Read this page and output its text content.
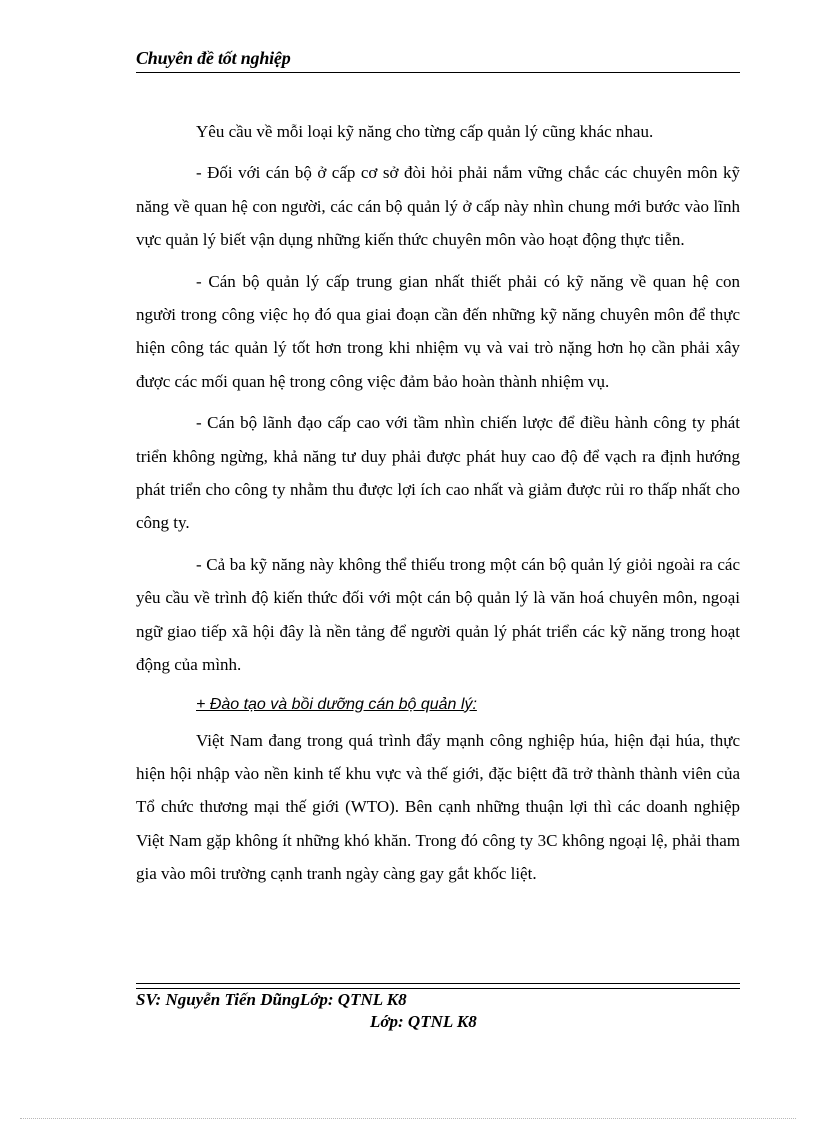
Chuyên đề tốt nghiệp

Yêu cầu về mỗi loại kỹ năng cho từng cấp quản lý cũng khác nhau.

- Đối với cán bộ ở cấp cơ sở đòi hỏi phải nắm vững chắc các chuyên môn kỹ năng về quan hệ con người, các cán bộ quản lý ở cấp này nhìn chung mới bước vào lĩnh vực quản lý biết vận dụng những kiến thức chuyên môn vào hoạt động thực tiễn.

- Cán bộ quản lý cấp trung gian nhất thiết phải có kỹ năng về quan hệ con người trong công việc họ đó qua giai đoạn cần đến những kỹ năng chuyên môn để thực hiện công tác quản lý tốt hơn trong khi nhiệm vụ và vai trò nặng hơn họ cần phải xây được các mối quan hệ trong công việc đảm bảo hoàn thành nhiệm vụ.

- Cán bộ lãnh đạo cấp cao với tầm nhìn chiến lược để điều hành công ty phát triển không ngừng, khả năng tư duy phải được phát huy cao độ để vạch ra định hướng phát triển cho công ty nhằm thu được lợi ích cao nhất và giảm được rủi ro thấp nhất cho công ty.

- Cả ba kỹ năng này không thể thiếu trong một cán bộ quản lý giỏi ngoài ra các yêu cầu về trình độ kiến thức đối với một cán bộ quản lý là văn hoá chuyên môn, ngoại ngữ giao tiếp xã hội đây là nền tảng để người quản lý phát triển các kỹ năng trong hoạt động của mình.

+ Đào tạo và bồi dưỡng cán bộ quản lý:

Việt Nam đang trong quá trình đẩy mạnh công nghiệp húa, hiện đại húa, thực hiện hội nhập vào nền kinh tế khu vực và thế giới, đặc biệtt đã trở thành thành viên của Tổ chức thương mại thế giới (WTO). Bên cạnh những thuận lợi thì các doanh nghiệp Việt Nam gặp không ít những khó khăn. Trong đó công ty 3C không ngoại lệ, phải tham gia vào môi trường cạnh tranh ngày càng gay gắt khốc liệt.

SV: Nguyễn Tiến DũngLớp: QTNL K8
Lớp: QTNL K8
